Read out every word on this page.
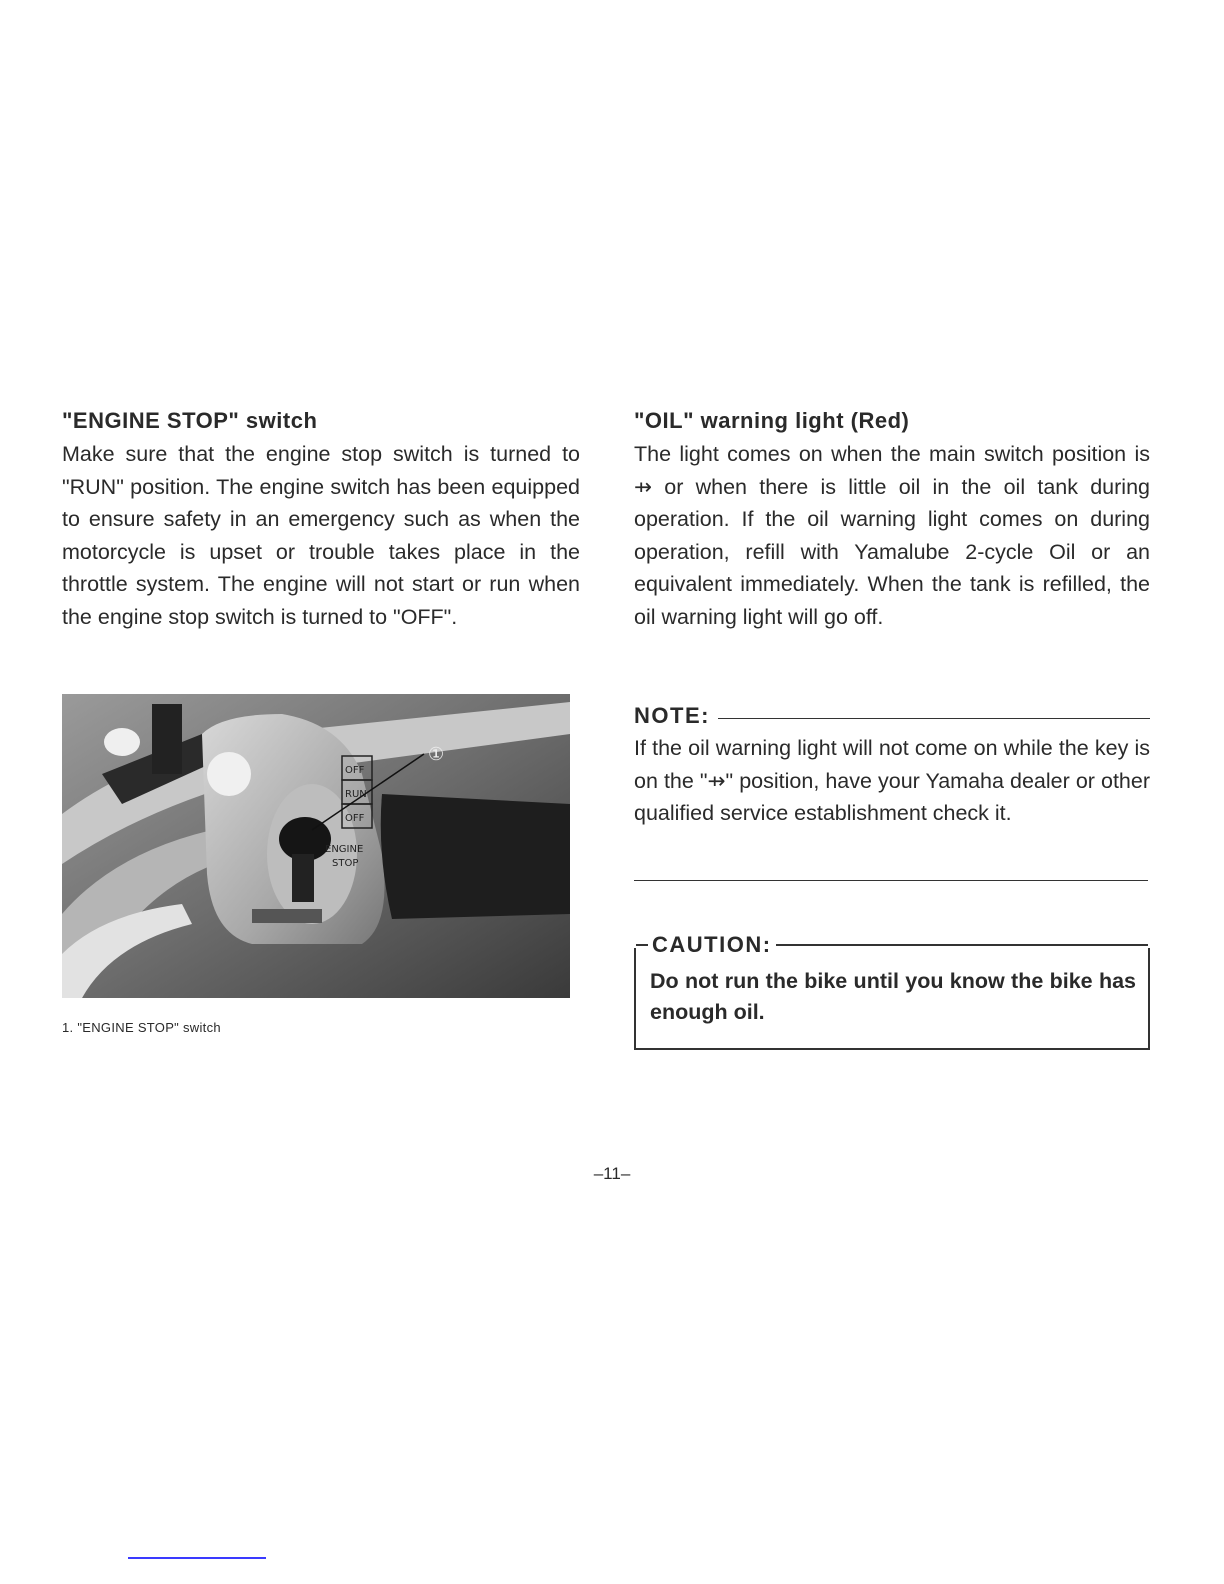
"ENGINE STOP" switch

Make sure that the engine stop switch is turned to "RUN" position. The engine switch has been equipped to ensure safety in an emergency such as when the motorcycle is upset or trouble takes place in the throttle system. The engine will not start or run when the engine stop switch is turned to "OFF".

OFF
RUN
OFF
ENGINE
STOP
①
1. "ENGINE STOP" switch
"OIL" warning light (Red)

The light comes on when the main switch position is ⇸ or when there is little oil in the oil tank during operation. If the oil warning light comes on during operation, refill with Yamalube 2-cycle Oil or an equivalent immediately. When the tank is refilled, the oil warning light will go off.

NOTE:

If the oil warning light will not come on while the key is on the "⇸" position, have your Yamaha dealer or other qualified service establishment check it.

CAUTION:
Do not run the bike until you know the bike has enough oil.
–11–
